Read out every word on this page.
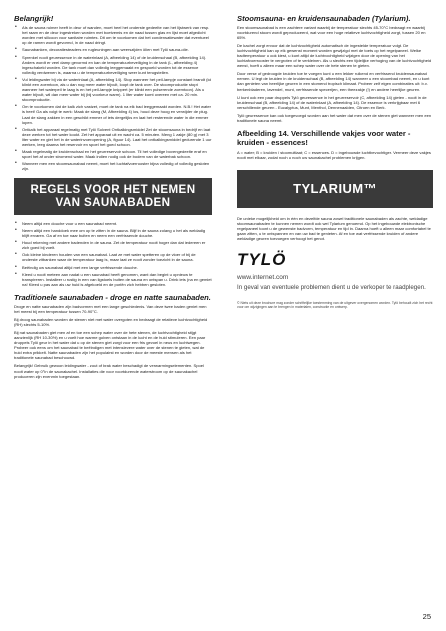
Belangrijk!
• Als de sauna ruimer heeft in deur of wanden, moet heel het onderste gedeelte van het lijstwerk van resp. het raam en de deur ingestreken worden met boetvemis en de naad tussen glas en lijst moet afgedicht worden met silicoon voor sanitaire ruimtes. Dit om te voorkomen dat het condensatiewater dat eventueel op de ramen wordt gevormd, in de naad dringt.
• Saunabanken, decoratiesteaders en rugleuningen aan weerszijden ölien met Tylö sauna-olie.
• Sprenkel nooit geuressence in de waterinlaat (A, afbeelding 14) of de kruidenschaal (B, afbeelding 14). Anders wordt er veel damp gevormd en kan de temperatuurbeveiliging in de tank (L, afbeelding 4) ingeschakeld worden. De tank moet dan volledig leeggemaakt en gespoeld worden tot de essence volledig verdwenen is, waarna u de temperatuurbeveiliging weer kunt terugstellen.
• Vul leidingwater bij via de waterinlaat (A, afbeelding 14). Stop wanneer het peil-lampje constant brandt (ici klinkt een zoemtoon, als u dan nog meer water bijvult, loopt de tank over. De stoomproductie stopt wanneer het waterpeil te laag is en het peil-lampje knippert (er klinkt een pulserende zoemtoon). Als u water bijvult, wil dan meer water bij (bij voorkeur warm). 1 liter water komt overeen met ca. 20 min. stoomproductie.
• Om te voorkomen dat de kalk zich vastzet, moet de tank na elk bad leeggemaakt worden. N.B.! Het water is heet! Ga als volgt te werk: Maak de slang (M, Afbeelding 4) los, houd deze hoog en verwijder de plug. Laat de slang zakken in een geschikt emmer of iets dergelijks en laat het resterende water in die emmer lopen.
• Ontkalk het apparaat regelmatig met Tylö Solvent Ontkalkingsmiddel Zet de stoomsauna in bedrijf en laat deze werken tot het water kookt. Zet het apparaat uit en wacht ca. 5 minuten. Meng 1 zakje (80 g) met 3 liter water en giet het in de waterinvoeropening (A, figuur 14). Laat het ontkalkingsmiddel gedurende 1 uur werken, leeg daarna het reservoir en spoel het goed schoon.
• Maak regelmatig de kruidenschaal en het geurreservoir schoon. Til het volledige bovengedeelte eraf en spoel het af onder stromend water. Maak indien nodig ook de bodem van de waterbak schoon.
• Wanneer men een stoomsaunabad neemt, moet het luchtafvoerrooster bijna volledig of volledig gesloten zijn.
REGELS VOOR HET NEMEN VAN SAUNABADEN
• Neem altijd een douche voor u een saunabad neemt.
• Neem altijd een handdoek mee om op te zitten in de sauna. Blijf in de sauna zolang u het als weldadig blijft ervaren. Ga af en toe naar buiten en neem een verfrissende douche.
• Houd rekening met andere badenden in de sauna. Zet de temperatuur nooit hoger dan dat iedereen er zich goed bij voelt.
• Ook kleine kinderen houden van een saunabad. Laat ze met water spetteren op de vloer of bij de onderste zitbanken waar de temperatuur laag is, maar laat ze nooit zonder toezicht in de sauna.
• Beëindig uw saunabad altijd met een lange verfrissende douche.
• Kleed u nooit meteen aan nadat u een saunabad heeft genomen, want dan begint u opnieuw te transpireren. Installeer u rustig in een van ligstoels buiten de sauna en ontspan u. Drink iets (na en gemiet na! Kleed u pas aan als uw huid is afgekoeld en de poriën zich hebben gesloten.
Traditionele saunabaden - droge en natte saunabaden.

Droge en natte saunabaden zijn badvormen met een lange geschiedenis. Van deze twee baden geniet men het meest bij een temperatuur tussen 70-90°C.

Bij droog saunabaden worden de stenen niet met water overgoten en bedraagt de relatieve luchtvochtigheid (RH) slechts 5-10%.

Bij nat saunabaden giet men af en toe een schep water over de hete stenen, de luchtvochtigheid stijgt aanzienlijk (RH 10-30%) en u voelt hoe warme golven ontstaan in de lucht en de huid stimuleren. Een paar druppels Tylö geur in het water dat u op de stenen giet zorgt voor een fris gevoel in neus en luchtwegen. Probeer ook eens om het saunabad te beëindigen met intensievere water over de stenen te gieten, wat de huid extra prikkelt. Natte saunabaden zijn het populairst en worden door de meeste mensen als het traditionele saunabad beschouwd.

Belangrijk! Gebruik gewoon leidingwater - zout of brak water beschadigt de verwarmingselementen. Spoel nooit water op 0°in de saunakachel. Installaties die voor voortdurende waterstroom op de saunakachel produceren zijn evenmin toegestaan.

Stoomsauna- en kruidensaunabaden (Tylarium).

Een stoomsaunabad is een zachtere variant waarbij de temperatuur slechts 45-70°C bedraagt en waarbij voortdurend stoom wordt geproduceerd, wat voor een hoge relatieve luchtvochtigheid zorgt, tussen 20 en 65%.

De kachel zorgt ervoor dat de luchtvochtigheid automatisch de ingestelde temperatuur volgt. De luchtvochtigheid kan op elk gewenst moment worden gewijzigd met de toets op het regelpaneel. Welke badtemperatuur u ook kiest, u kunt altijd de luchtvochtigheid wijzigen door de opening van het luchtafvoerrooster te vergroten of te verkleinen. Als u slechts een tijdelijke verhoging van de luchtvochtigheid wenst, hoeft u alleen maar een schep water over de hete stenen te gieten.

Door verse of gedroogde kruiden toe te voegen kunt u een lekker ruikend en verfrissend kruidensaunabad nemen. U legt de kruiden in de kruidenschaal (B, afbeelding 14) wanneer u een stoombad neemt, en u kunt dan genieten van heerlijke geuren in een stomend tropisch klimaat. Probeer zelf eigen combinaties uit: b.v. berkenbladeren, lavendel, munt, verfrissende specerijen, een theezakje (!) en andere heerlijke geuren.

U kunt ook een paar druppels Tylö geuressence in het geurreservoir (C, afbeelding 14) gieten - nooit in de kruidenschaal (B, afbeelding 14) of de waterinlaat (A, afbeelding 14). De essence is verkrijgbaar met 6 verschillende geuren - Eucalyptus, Munt, Menthol, Dennenaalden, Citroen en Berk.

Tylö geuressence kan ook toegevoegd worden aan het water dat men over de stenen giet wanneer men een traditionele sauna neemt.

Afbeelding 14. Verschillende vakjes voor water - kruiden - essences!

A = water; B = kruiden / stoomuitlaat; C = essences. D = ingebouwde luchtbevochtiger. Vermeer deze vakjes nooit met elkaar, zodat noch u noch uw saunakachel problemen krijgen.

TYLARIUM™

De unieke mogelijkheid om in één en dezelfde sauna zowel traditionele saunabaden als zachte, weldadige stoomsaunabaden te kunnen nemen wordt ook wel Tylarium genoemd. Op het ingebouwde elektronische regelpaneel toont u de gewenste badvorm, temperatuur en tijd in. Daarna hoeft u alleen maar comfortabel te gaan zitten, u te ontspannen en van uw bad te genieten. Af en toe wat verfrissende kruiden of andere weldadige geuren toevoegen verhoogt het genot.

TYLÖ
www.internet.com
In geval van eventuele problemen dient u de verkoper te raadplegen.
© Niets uit deze brochure mag zonder schriftelijke toestemming van de uitgever overgenomen worden. Tylö behoudt zich het recht voor om wijzigingen aan te brengen in materialen, constructie en ontwerp.
25
